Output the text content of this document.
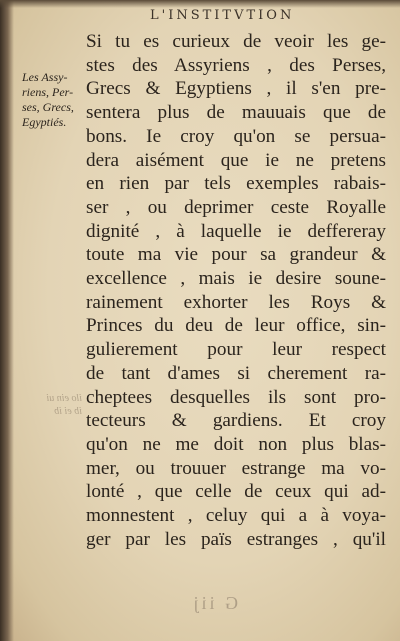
L'INSTITVTION
Les Assy-
riens, Per-
ses, Grecs,
Egyptiés.
Si tu es curieux de veoir les ge-
stes des Assyriens , des Perses,
Grecs & Egyptiens , il s'en pre-
sentera plus de mauuais que de
bons. Ie croy qu'on se persua-
dera aisément que ie ne pretens
en rien par tels exemples rabais-
ser , ou deprimer ceste Royalle
dignité , à laquelle ie deffereray
toute ma vie pour sa grandeur &
excellence , mais ie desire soune-
rainement exhorter les Roys &
Princes du deu de leur office, sin-
gulierement pour leur respect
de tant d'ames si cherement ra-
cheptees desquelles ils sont pro-
tecteurs & gardiens. Et croy
qu'on ne me doit non plus blas-
mer, ou trouuer estrange ma vo-
lonté , que celle de ceux qui ad-
monnestent , celuy qui a à voya-
ger par les païs estranges , qu'il
ilo ein ui
ib ei ib
G iij
